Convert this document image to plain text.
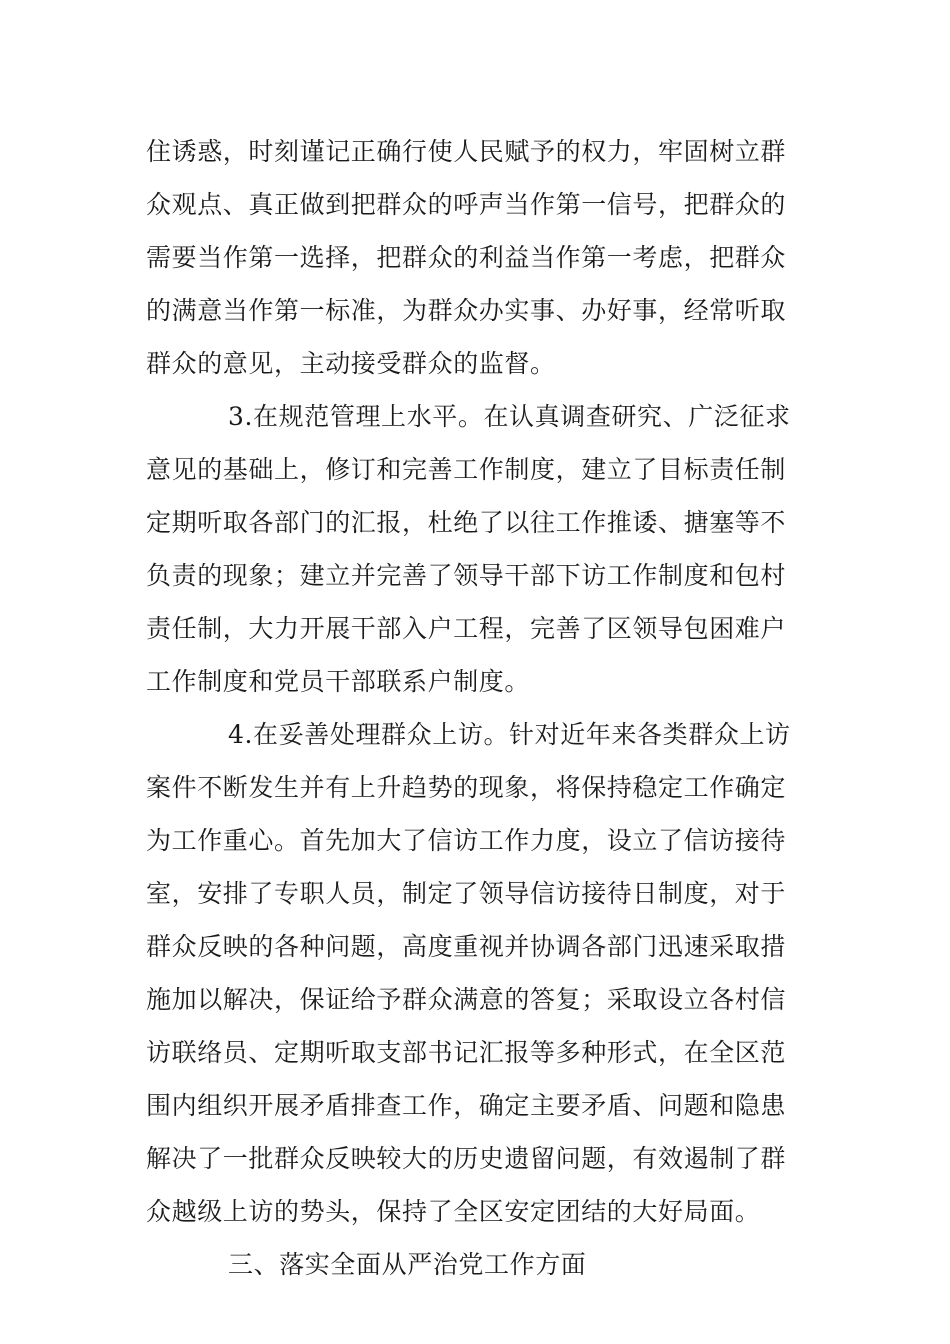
住诱惑，时刻谨记正确行使人民赋予的权力，牢固树立群
众观点、真正做到把群众的呼声当作第一信号，把群众的
需要当作第一选择，把群众的利益当作第一考虑，把群众
的满意当作第一标准，为群众办实事、办好事，经常听取
群众的意见，主动接受群众的监督。
3.在规范管理上水平。在认真调查研究、广泛征求
意见的基础上，修订和完善工作制度，建立了目标责任制
定期听取各部门的汇报，杜绝了以往工作推诿、搪塞等不
负责的现象；建立并完善了领导干部下访工作制度和包村
责任制，大力开展干部入户工程，完善了区领导包困难户
工作制度和党员干部联系户制度。
4.在妥善处理群众上访。针对近年来各类群众上访
案件不断发生并有上升趋势的现象，将保持稳定工作确定
为工作重心。首先加大了信访工作力度，设立了信访接待
室，安排了专职人员，制定了领导信访接待日制度，对于
群众反映的各种问题，高度重视并协调各部门迅速采取措
施加以解决，保证给予群众满意的答复；采取设立各村信
访联络员、定期听取支部书记汇报等多种形式，在全区范
围内组织开展矛盾排查工作，确定主要矛盾、问题和隐患
解决了一批群众反映较大的历史遗留问题，有效遏制了群
众越级上访的势头，保持了全区安定团结的大好局面。
三、落实全面从严治党工作方面
